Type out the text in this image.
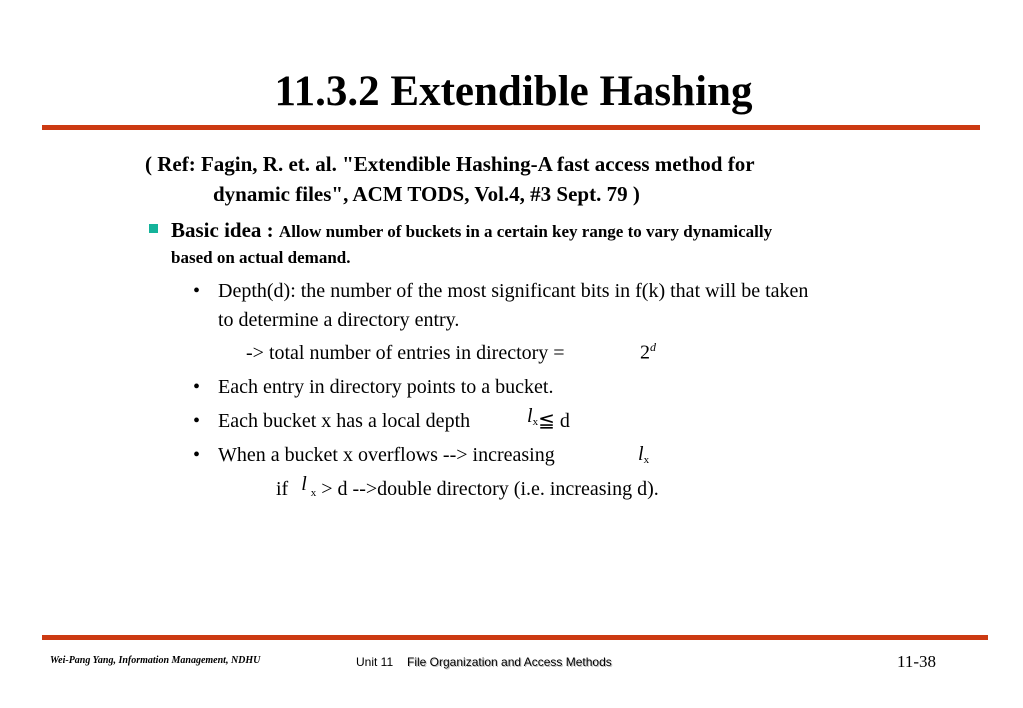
11.3.2 Extendible Hashing
( Ref: Fagin, R. et. al. "Extendible Hashing-A fast access method for
dynamic files", ACM TODS, Vol.4, #3 Sept. 79 )
Basic idea : Allow number of buckets in a certain key range to vary dynamically
based on actual demand.
• Depth(d): the number of the most significant bits in f(k) that will be taken
to determine a directory entry.
-> total number of entries in directory =	$2^d$
• Each entry in directory points to a bucket.
• Each bucket x has a local depth	lx≦ d
• When a bucket x overflows --> increasing	lx
if l x > d -->double directory (i.e. increasing d).
Wei-Pang Yang, Information Management, NDHU	Unit 11 File Organization and Access Methods	11-38
